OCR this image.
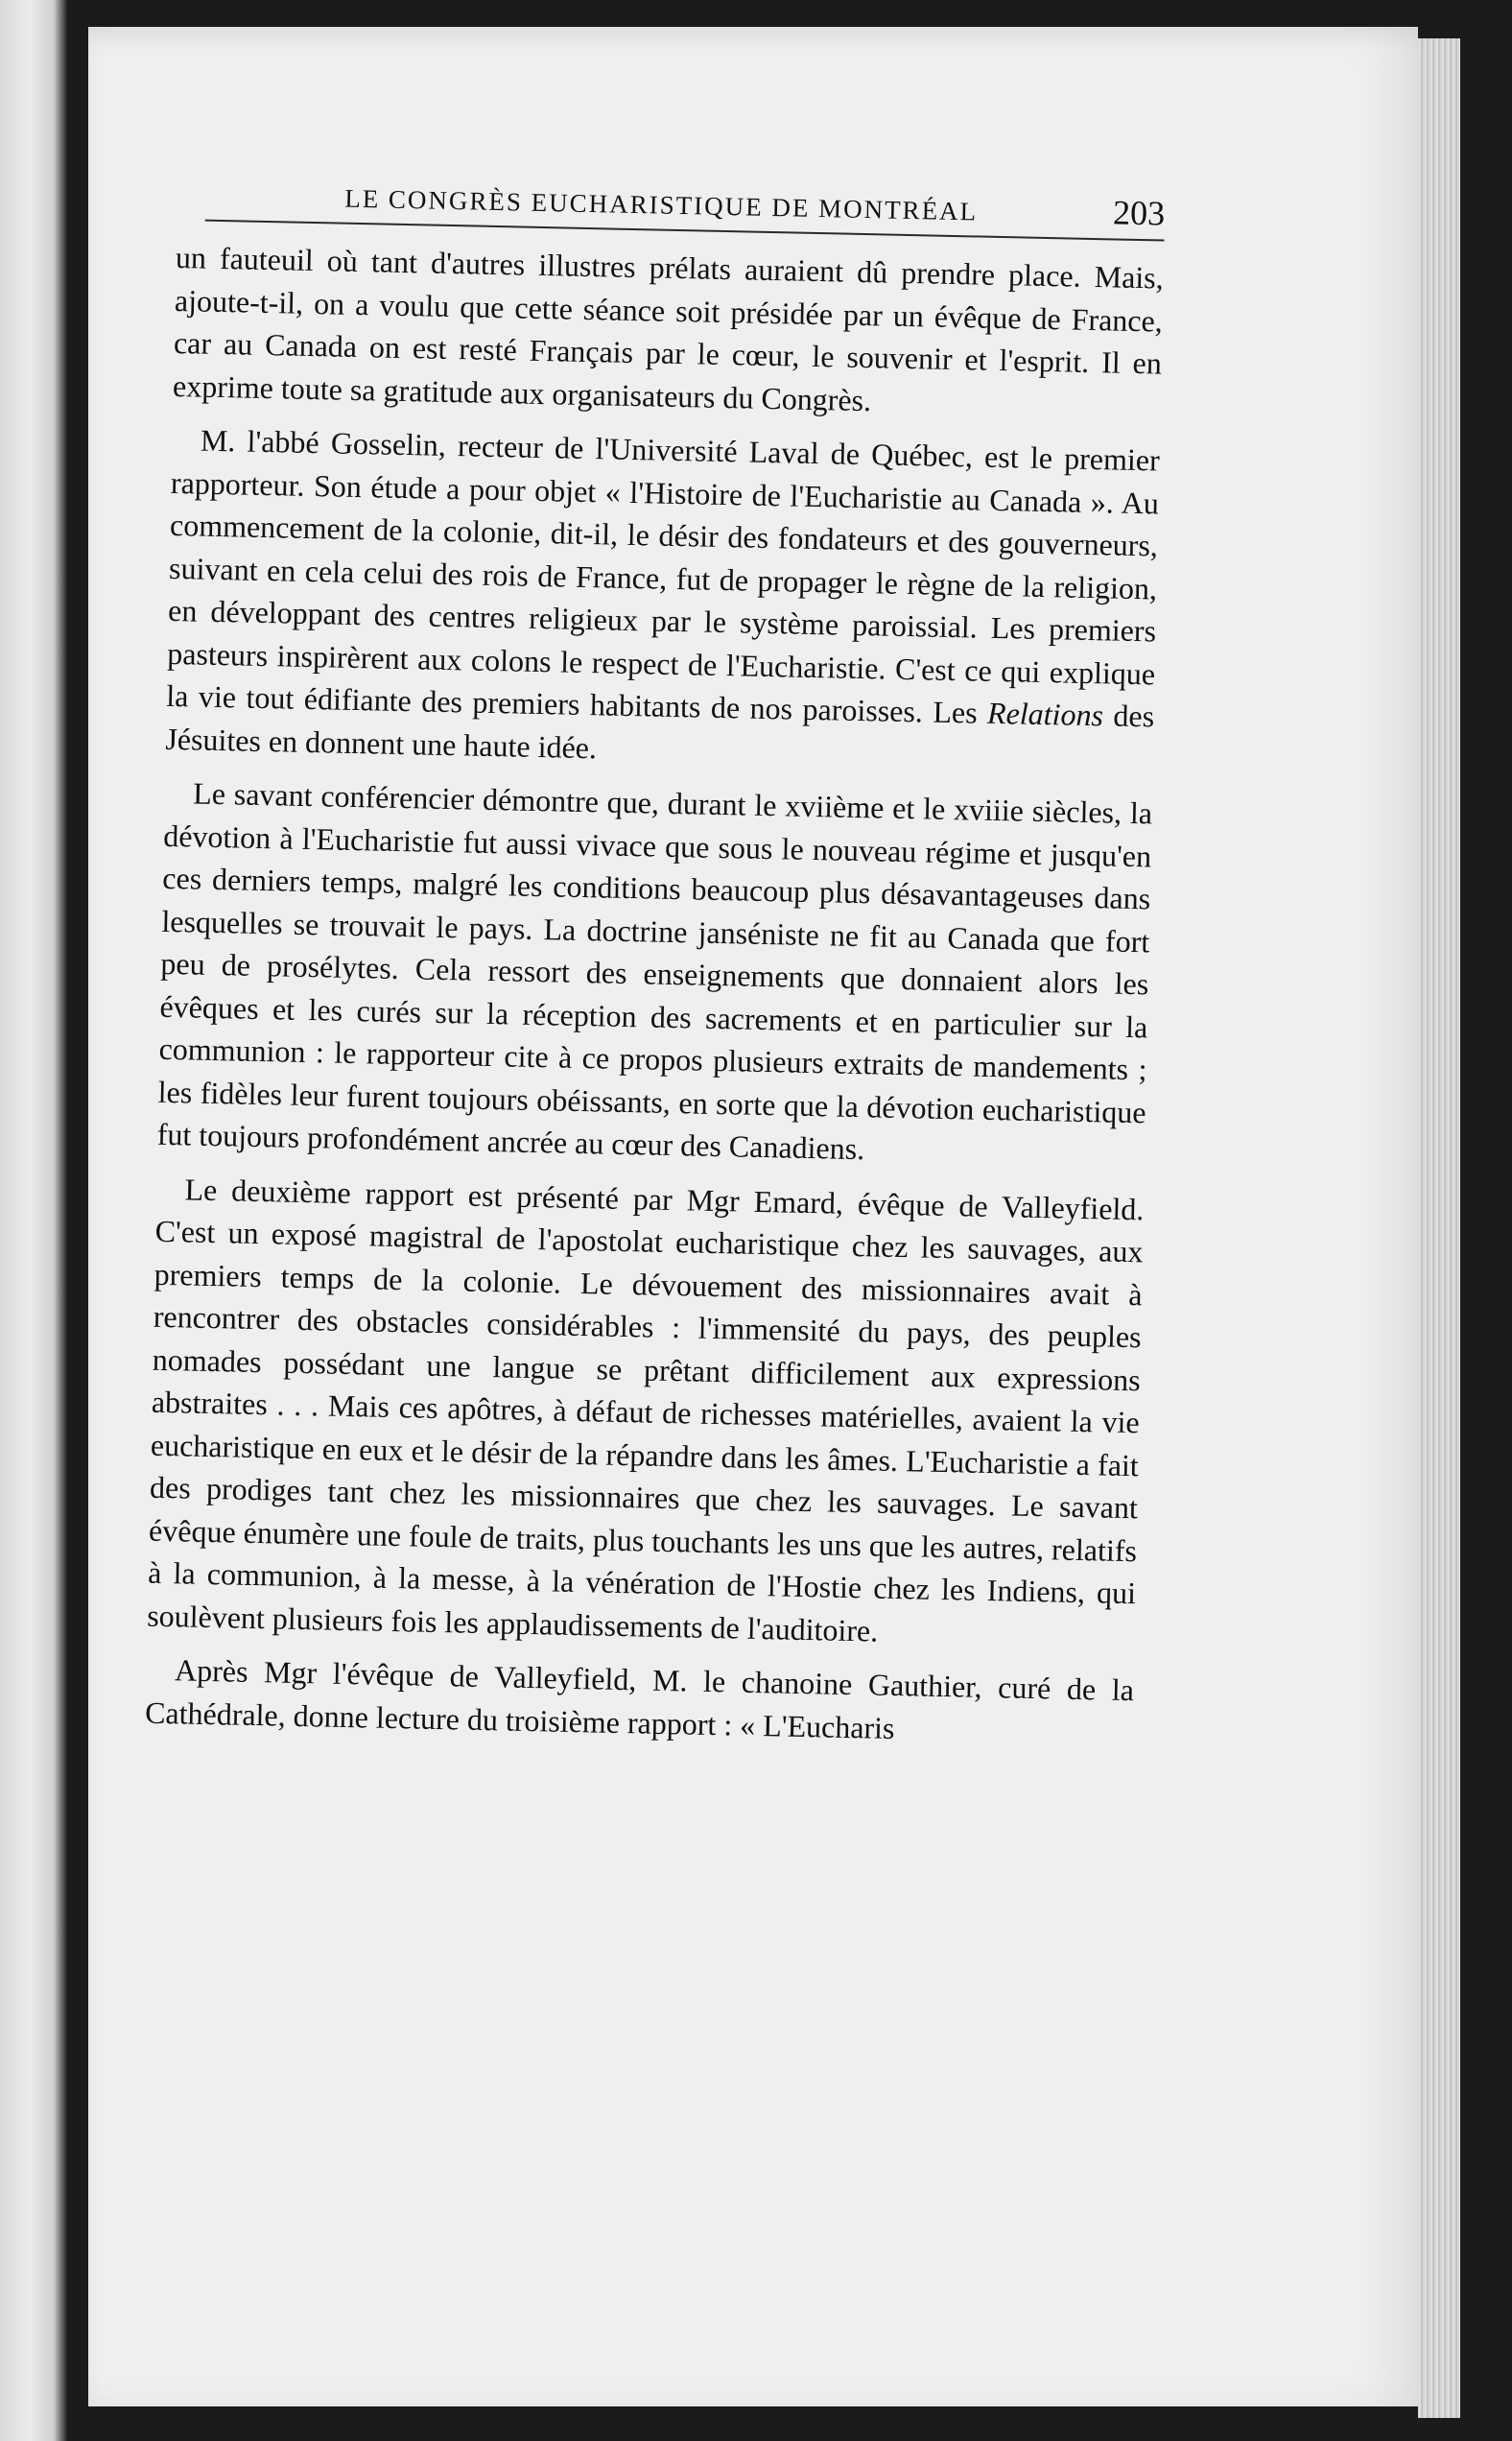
LE CONGRÈS EUCHARISTIQUE DE MONTRÉAL	203

un fauteuil où tant d'autres illustres prélats auraient dû prendre place. Mais, ajoute-t-il, on a voulu que cette séance soit présidée par un évêque de France, car au Canada on est resté Français par le cœur, le souvenir et l'esprit. Il en exprime toute sa gratitude aux organisateurs du Congrès.

M. l'abbé Gosselin, recteur de l'Université Laval de Québec, est le premier rapporteur. Son étude a pour objet « l'Histoire de l'Eucharistie au Canada ». Au commencement de la colonie, dit-il, le désir des fondateurs et des gouverneurs, suivant en cela celui des rois de France, fut de propager le règne de la religion, en développant des centres religieux par le système paroissial. Les premiers pasteurs inspirèrent aux colons le respect de l'Eucharistie. C'est ce qui explique la vie tout édifiante des premiers habitants de nos paroisses. Les Relations des Jésuites en donnent une haute idée.

Le savant conférencier démontre que, durant le xviième et le xviiie siècles, la dévotion à l'Eucharistie fut aussi vivace que sous le nouveau régime et jusqu'en ces derniers temps, malgré les conditions beaucoup plus désavantageuses dans lesquelles se trouvait le pays. La doctrine janséniste ne fit au Canada que fort peu de prosélytes. Cela ressort des enseignements que donnaient alors les évêques et les curés sur la réception des sacrements et en particulier sur la communion : le rapporteur cite à ce propos plusieurs extraits de mandements ; les fidèles leur furent toujours obéissants, en sorte que la dévotion eucharistique fut toujours profondément ancrée au cœur des Canadiens.

Le deuxième rapport est présenté par Mgr Emard, évêque de Valleyfield. C'est un exposé magistral de l'apostolat eucharistique chez les sauvages, aux premiers temps de la colonie. Le dévouement des missionnaires avait à rencontrer des obstacles considérables : l'immensité du pays, des peuples nomades possédant une langue se prêtant difficilement aux expressions abstraites . . . Mais ces apôtres, à défaut de richesses matérielles, avaient la vie eucharistique en eux et le désir de la répandre dans les âmes. L'Eucharistie a fait des prodiges tant chez les missionnaires que chez les sauvages. Le savant évêque énumère une foule de traits, plus touchants les uns que les autres, relatifs à la communion, à la messe, à la vénération de l'Hostie chez les Indiens, qui soulèvent plusieurs fois les applaudissements de l'auditoire.

Après Mgr l'évêque de Valleyfield, M. le chanoine Gauthier, curé de la Cathédrale, donne lecture du troisième rapport : « L'Eucharis
